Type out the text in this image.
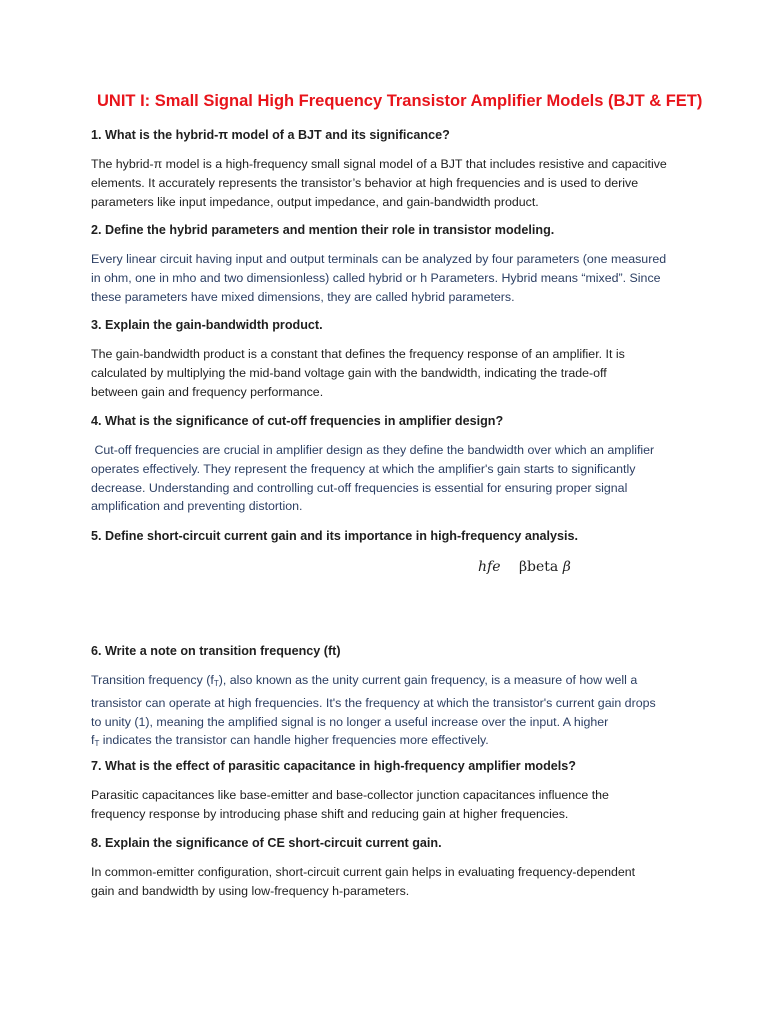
UNIT I: Small Signal High Frequency Transistor Amplifier Models (BJT & FET)
1. What is the hybrid-π model of a BJT and its significance?
The hybrid-π model is a high-frequency small signal model of a BJT that includes resistive and capacitive
elements. It accurately represents the transistor’s behavior at high frequencies and is used to derive
parameters like input impedance, output impedance, and gain-bandwidth product.
2. Define the hybrid parameters and mention their role in transistor modeling.
Every linear circuit having input and output terminals can be analyzed by four parameters (one measured
in ohm, one in mho and two dimensionless) called hybrid or h Parameters. Hybrid means “mixed”. Since
these parameters have mixed dimensions, they are called hybrid parameters.
3. Explain the gain-bandwidth product.
The gain-bandwidth product is a constant that defines the frequency response of an amplifier. It is
calculated by multiplying the mid-band voltage gain with the bandwidth, indicating the trade-off
between gain and frequency performance.
4. What is the significance of cut-off frequencies in amplifier design?
Cut-off frequencies are crucial in amplifier design as they define the bandwidth over which an amplifier
operates effectively. They represent the frequency at which the amplifier's gain starts to significantly
decrease. Understanding and controlling cut-off frequencies is essential for ensuring proper signal
amplification and preventing distortion.
5. Define short-circuit current gain and its importance in high-frequency analysis.
hfe βbeta β
6. Write a note on transition frequency (ft)
Transition frequency $(f_T)$, also known as the unity current gain frequency, is a measure of how well a
transistor can operate at high frequencies. It's the frequency at which the transistor's current gain drops
to unity (1), meaning the amplified signal is no longer a useful increase over the input. A higher
$f_T$ indicates the transistor can handle higher frequencies more effectively.
7. What is the effect of parasitic capacitance in high-frequency amplifier models?
Parasitic capacitances like base-emitter and base-collector junction capacitances influence the
frequency response by introducing phase shift and reducing gain at higher frequencies.
8. Explain the significance of CE short-circuit current gain.
In common-emitter configuration, short-circuit current gain helps in evaluating frequency-dependent
gain and bandwidth by using low-frequency h-parameters.
